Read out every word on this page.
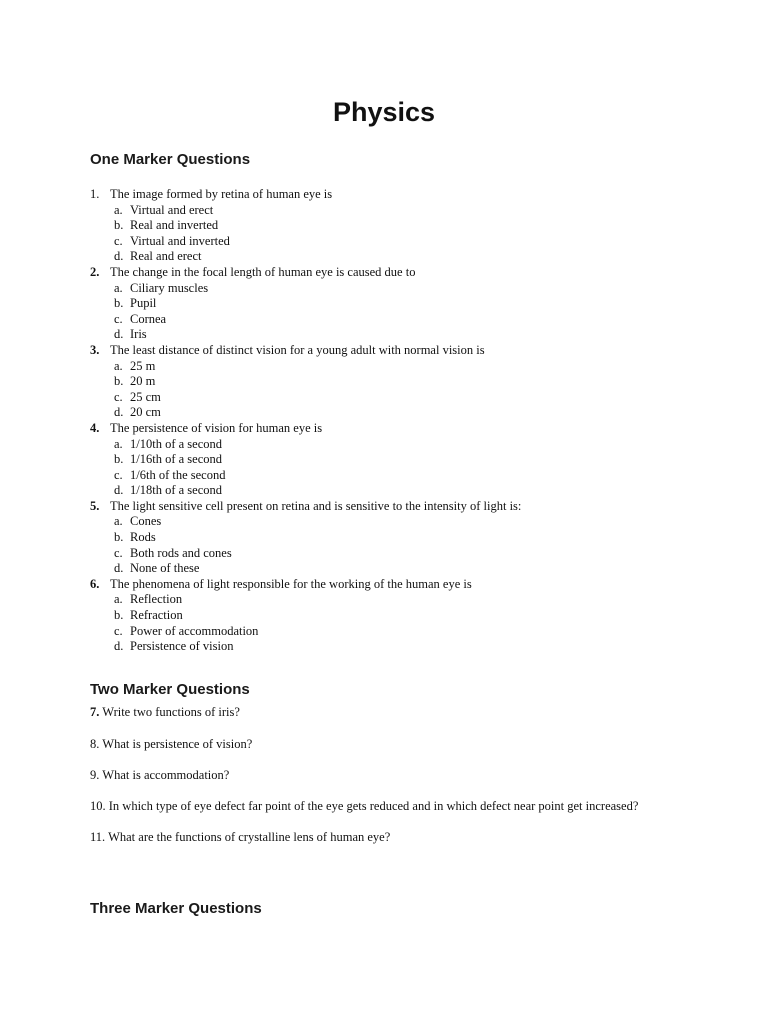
Physics
One Marker Questions
1. The image formed by retina of human eye is
a. Virtual and erect
b. Real and inverted
c. Virtual and inverted
d. Real and erect
2. The change in the focal length of human eye is caused due to
a. Ciliary muscles
b. Pupil
c. Cornea
d. Iris
3. The least distance of distinct vision for a young adult with normal vision is
a. 25 m
b. 20 m
c. 25 cm
d. 20 cm
4. The persistence of vision for human eye is
a. 1/10th of a second
b. 1/16th of a second
c. 1/6th of the second
d. 1/18th of a second
5. The light sensitive cell present on retina and is sensitive to the intensity of light is:
a. Cones
b. Rods
c. Both rods and cones
d. None of these
6. The phenomena of light responsible for the working of the human eye is
a. Reflection
b. Refraction
c. Power of accommodation
d. Persistence of vision
Two Marker Questions
7. Write two functions of iris?
8. What is persistence of vision?
9. What is accommodation?
10. In which type of eye defect far point of the eye gets reduced and in which defect near point get increased?
11. What are the functions of crystalline lens of human eye?
Three Marker Questions
